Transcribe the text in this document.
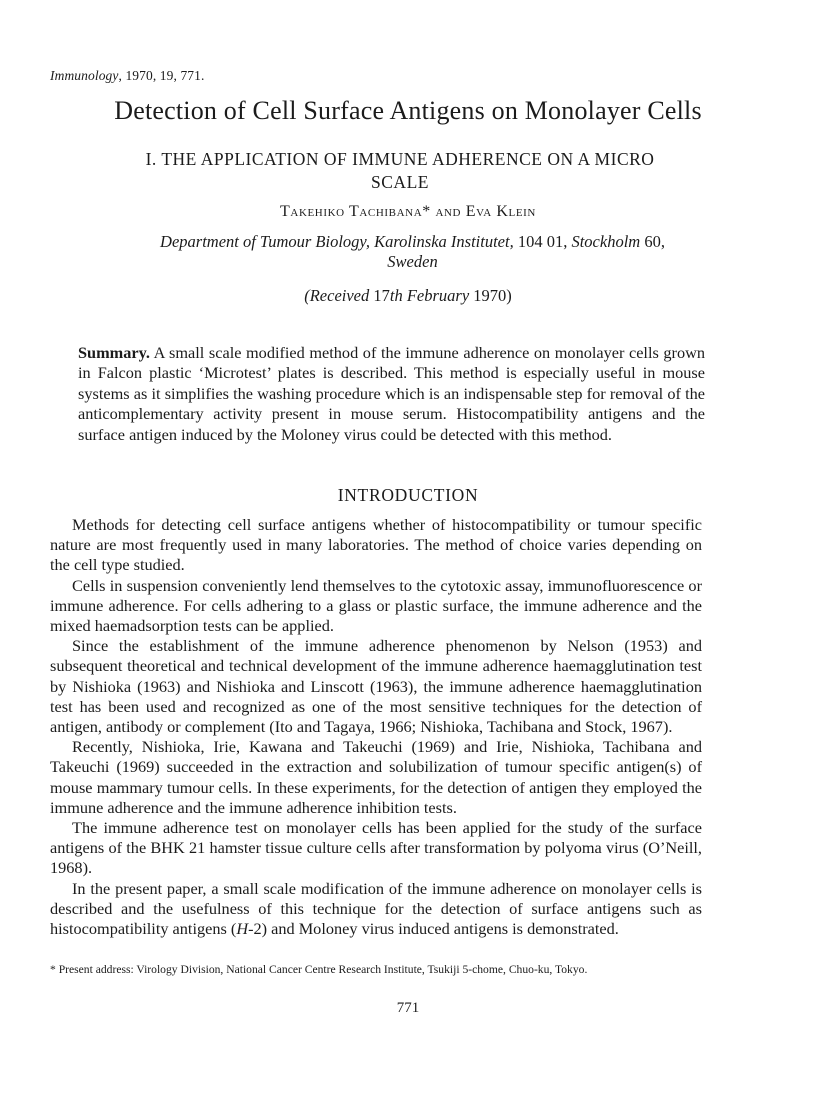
Immunology, 1970, 19, 771.
Detection of Cell Surface Antigens on Monolayer Cells
I. THE APPLICATION OF IMMUNE ADHERENCE ON A MICRO SCALE
Takehiko Tachibana* and Eva Klein
Department of Tumour Biology, Karolinska Institutet, 104 01, Stockholm 60,
Sweden
(Received 17th February 1970)
Summary. A small scale modified method of the immune adherence on monolayer cells grown in Falcon plastic ‘Microtest’ plates is described. This method is especially useful in mouse systems as it simplifies the washing procedure which is an indispensable step for removal of the anticomplementary activity present in mouse serum. Histocompatibility antigens and the surface antigen induced by the Moloney virus could be detected with this method.
INTRODUCTION

Methods for detecting cell surface antigens whether of histocompatibility or tumour specific nature are most frequently used in many laboratories. The method of choice varies depending on the cell type studied.

Cells in suspension conveniently lend themselves to the cytotoxic assay, immunofluorescence or immune adherence. For cells adhering to a glass or plastic surface, the immune adherence and the mixed haemadsorption tests can be applied.

Since the establishment of the immune adherence phenomenon by Nelson (1953) and subsequent theoretical and technical development of the immune adherence haemagglutination test by Nishioka (1963) and Nishioka and Linscott (1963), the immune adherence haemagglutination test has been used and recognized as one of the most sensitive techniques for the detection of antigen, antibody or complement (Ito and Tagaya, 1966; Nishioka, Tachibana and Stock, 1967).

Recently, Nishioka, Irie, Kawana and Takeuchi (1969) and Irie, Nishioka, Tachibana and Takeuchi (1969) succeeded in the extraction and solubilization of tumour specific antigen(s) of mouse mammary tumour cells. In these experiments, for the detection of antigen they employed the immune adherence and the immune adherence inhibition tests.

The immune adherence test on monolayer cells has been applied for the study of the surface antigens of the BHK 21 hamster tissue culture cells after transformation by polyoma virus (O’Neill, 1968).

In the present paper, a small scale modification of the immune adherence on monolayer cells is described and the usefulness of this technique for the detection of surface antigens such as histocompatibility antigens (H-2) and Moloney virus induced antigens is demonstrated.

* Present address: Virology Division, National Cancer Centre Research Institute, Tsukiji 5-chome, Chuo-ku, Tokyo.
771
